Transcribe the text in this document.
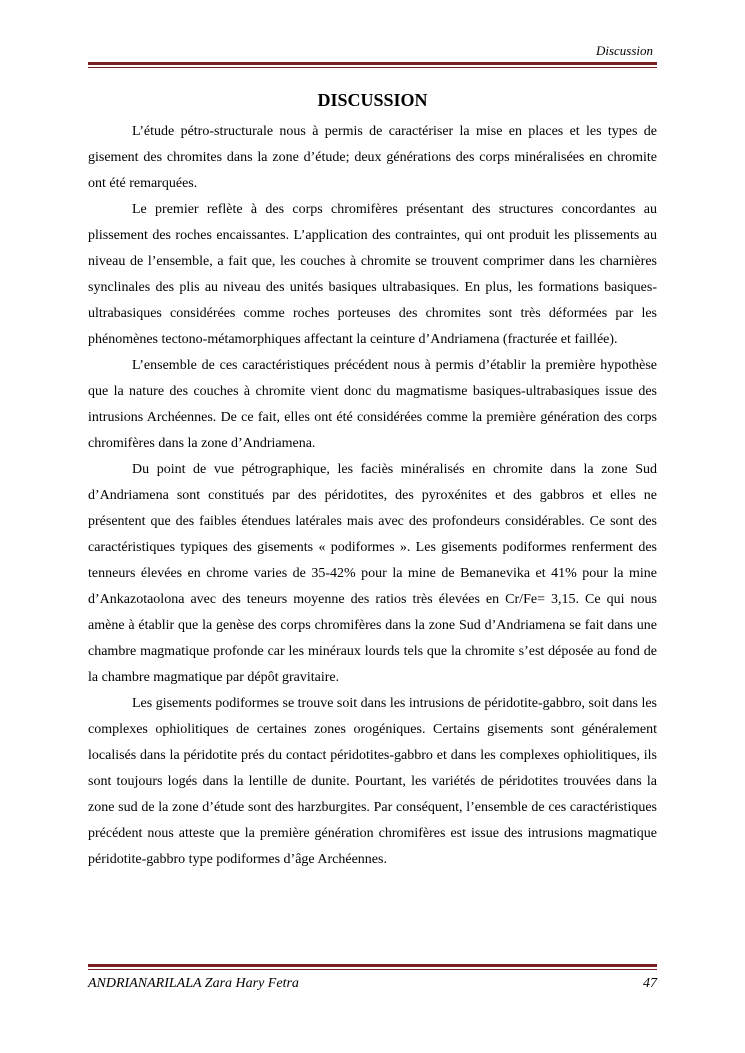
Discussion
DISCUSSION

L’étude pétro-structurale nous à permis de caractériser la mise en places et les types de gisement des chromites dans la zone d’étude; deux générations des corps minéralisées en chromite ont été remarquées.

Le premier reflète à des corps chromifères présentant des structures concordantes au plissement des roches encaissantes. L’application des contraintes, qui ont produit les plissements au niveau de l’ensemble, a fait que, les couches à chromite se trouvent comprimer dans les charnières synclinales des plis au niveau des unités basiques ultrabasiques. En plus, les formations basiques-ultrabasiques considérées comme roches porteuses des chromites sont très déformées par les phénomènes tectono-métamorphiques affectant la ceinture d’Andriamena (fracturée et faillée).

L’ensemble de ces caractéristiques précédent nous à permis d’établir la première hypothèse que la nature des couches à chromite vient donc du magmatisme basiques-ultrabasiques issue des intrusions Archéennes. De ce fait, elles ont été considérées comme la première génération des corps chromifères dans la zone d’Andriamena.

Du point de vue pétrographique, les faciès minéralisés en chromite dans la zone Sud d’Andriamena sont constitués par des péridotites, des pyroxénites et des gabbros et elles ne présentent que des faibles étendues latérales mais avec des profondeurs considérables. Ce sont des caractéristiques typiques des gisements « podiformes ». Les gisements podiformes renferment des tenneurs élevées en chrome varies de 35-42% pour la mine de Bemanevika et 41% pour la mine d’Ankazotaolona avec des teneurs moyenne des ratios très élevées en Cr/Fe= 3,15. Ce qui nous amène à établir que la genèse des corps chromifères dans la zone Sud d’Andriamena se fait dans une chambre magmatique profonde car les minéraux lourds tels que la chromite s’est déposée au fond de la chambre magmatique par dépôt gravitaire.

Les gisements podiformes se trouve soit dans les intrusions de péridotite-gabbro, soit dans les complexes ophiolitiques de certaines zones orogéniques. Certains gisements sont généralement localisés dans la péridotite prés du contact péridotites-gabbro et dans les complexes ophiolitiques, ils sont toujours logés dans la lentille de dunite. Pourtant, les variétés de péridotites trouvées dans la zone sud de la zone d’étude sont des harzburgites. Par conséquent, l’ensemble de ces caractéristiques précédent nous atteste que la première génération chromifères est issue des intrusions magmatique péridotite-gabbro type podiformes d’âge Archéennes.

ANDRIANARILALA Zara Hary Fetra	47
